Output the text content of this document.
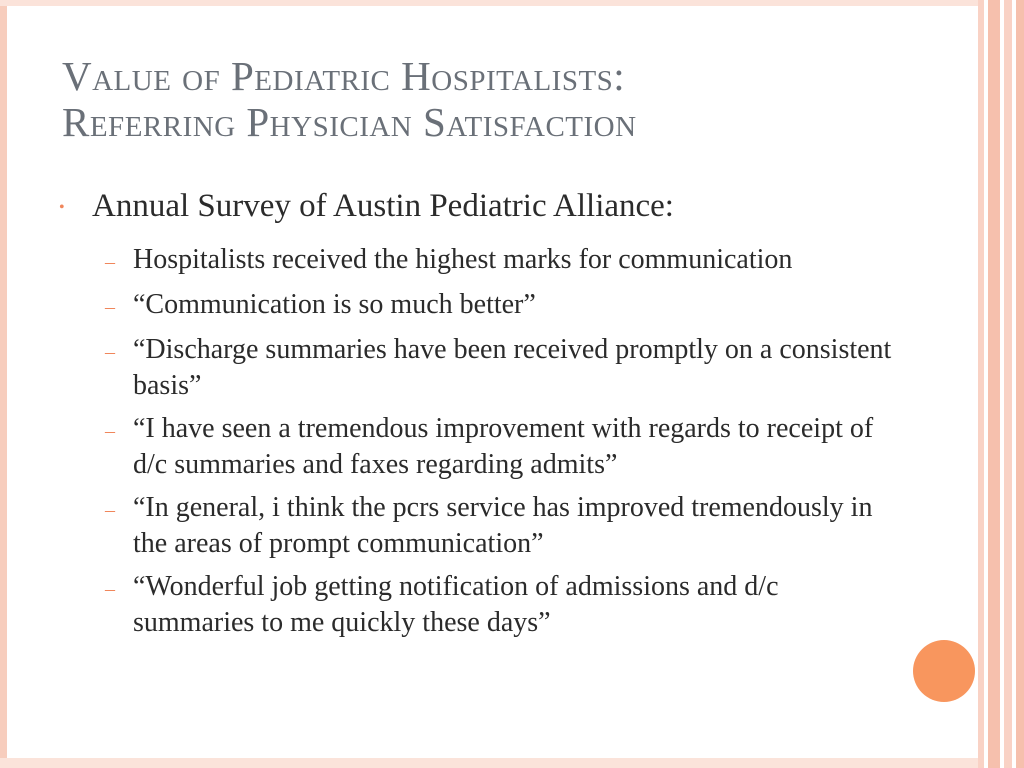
Value of Pediatric Hospitalists:
Referring Physician Satisfaction
• Annual Survey of Austin Pediatric Alliance:
– Hospitalists received the highest marks for communication
– “Communication is so much better”
– “Discharge summaries have been received promptly on a consistent basis”
– “I have seen a tremendous improvement with regards to receipt of d/c summaries and faxes regarding admits”
– “In general, i think the pcrs service has improved tremendously in the areas of prompt communication”
– “Wonderful job getting notification of admissions and d/c summaries to me quickly these days”
